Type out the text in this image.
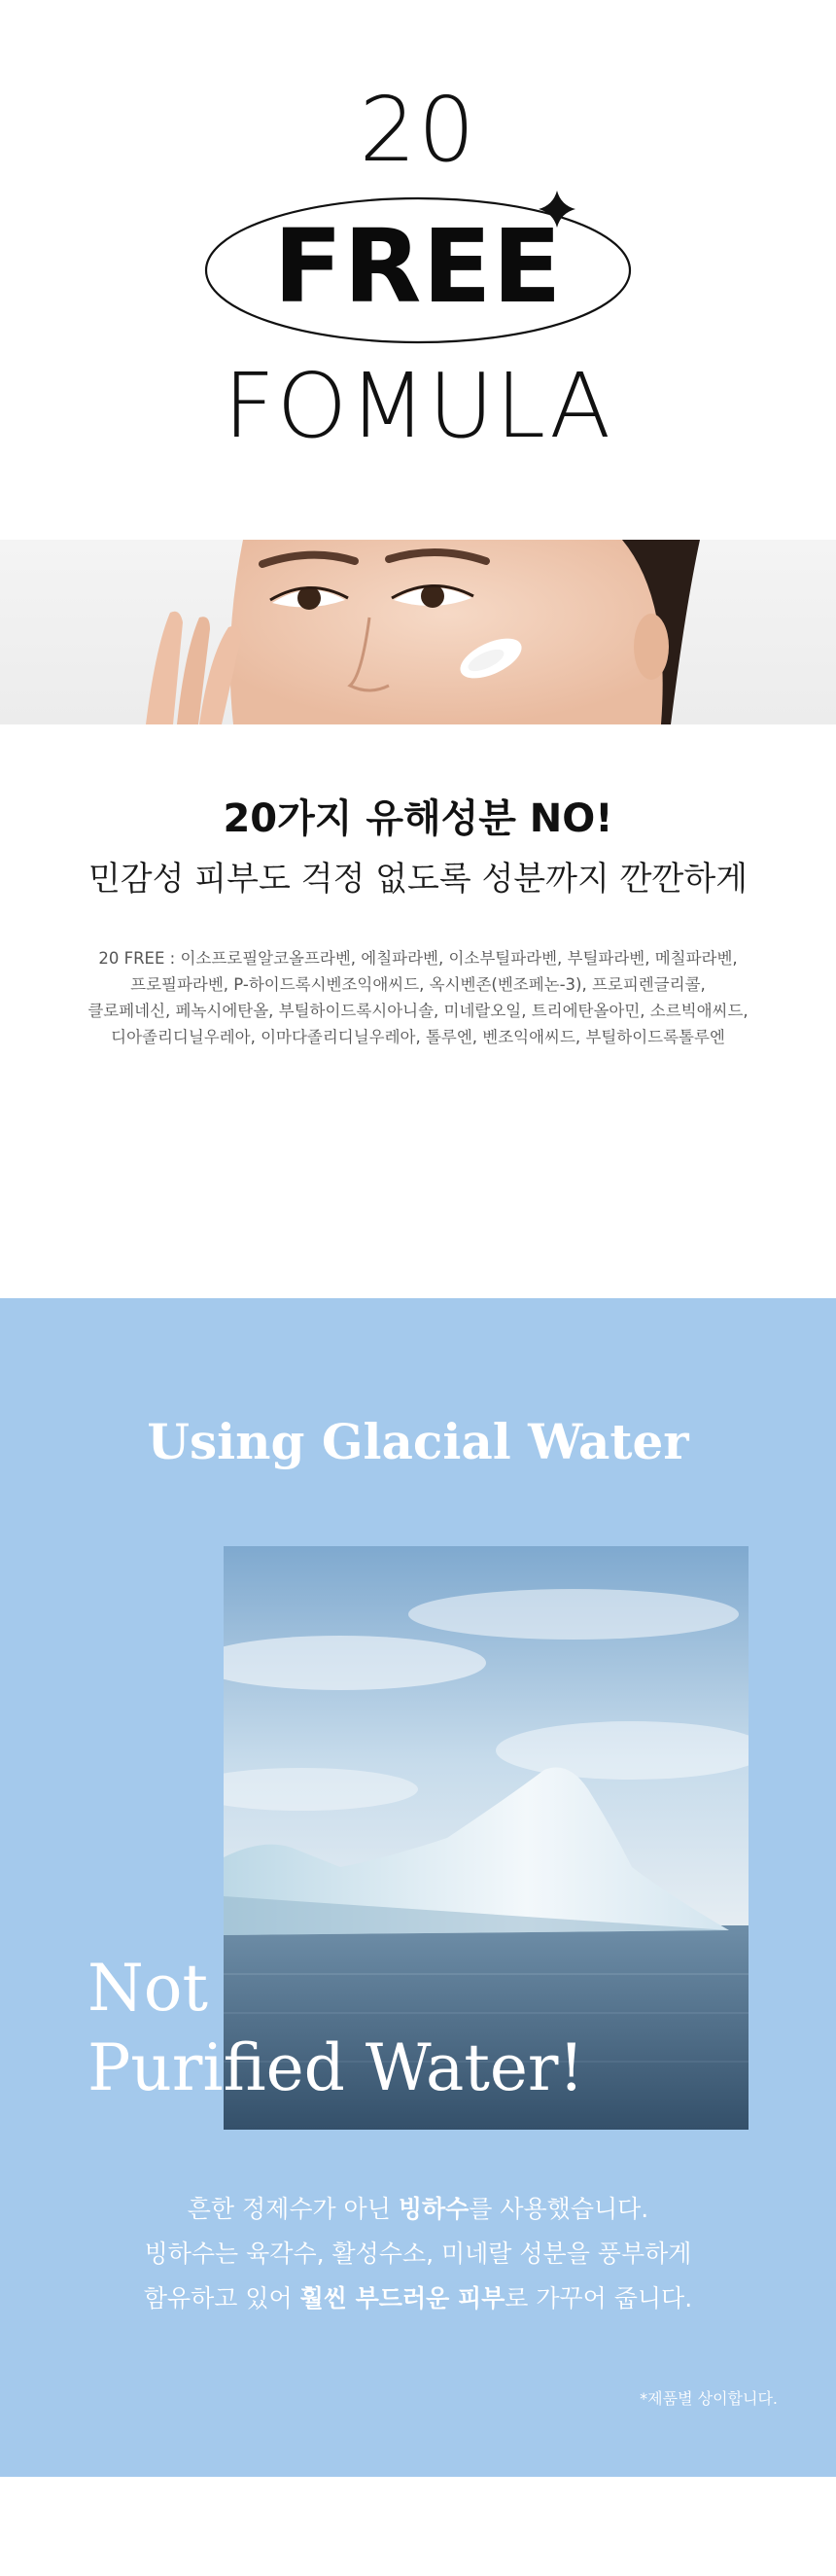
20
FREE
FOMULA
20가지 유해성분 NO!
민감성 피부도 걱정 없도록 성분까지 깐깐하게
20 FREE : 이소프로필알코올프라벤, 에칠파라벤, 이소부틸파라벤, 부틸파라벤, 메칠파라벤,
프로필파라벤, P-하이드록시벤조익애씨드, 옥시벤존(벤조페논-3), 프로피렌글리콜,
클로페네신, 페녹시에탄올, 부틸하이드록시아니솔, 미네랄오일, 트리에탄올아민, 소르빅애씨드,
디아졸리디닐우레아, 이마다졸리디닐우레아, 톨루엔, 벤조익애씨드, 부틸하이드록톨루엔
Using Glacial Water
Not
Purified Water!
흔한 정제수가 아닌 빙하수를 사용했습니다.
빙하수는 육각수, 활성수소, 미네랄 성분을 풍부하게
함유하고 있어 훨씬 부드러운 피부로 가꾸어 줍니다.
*제품별 상이합니다.
